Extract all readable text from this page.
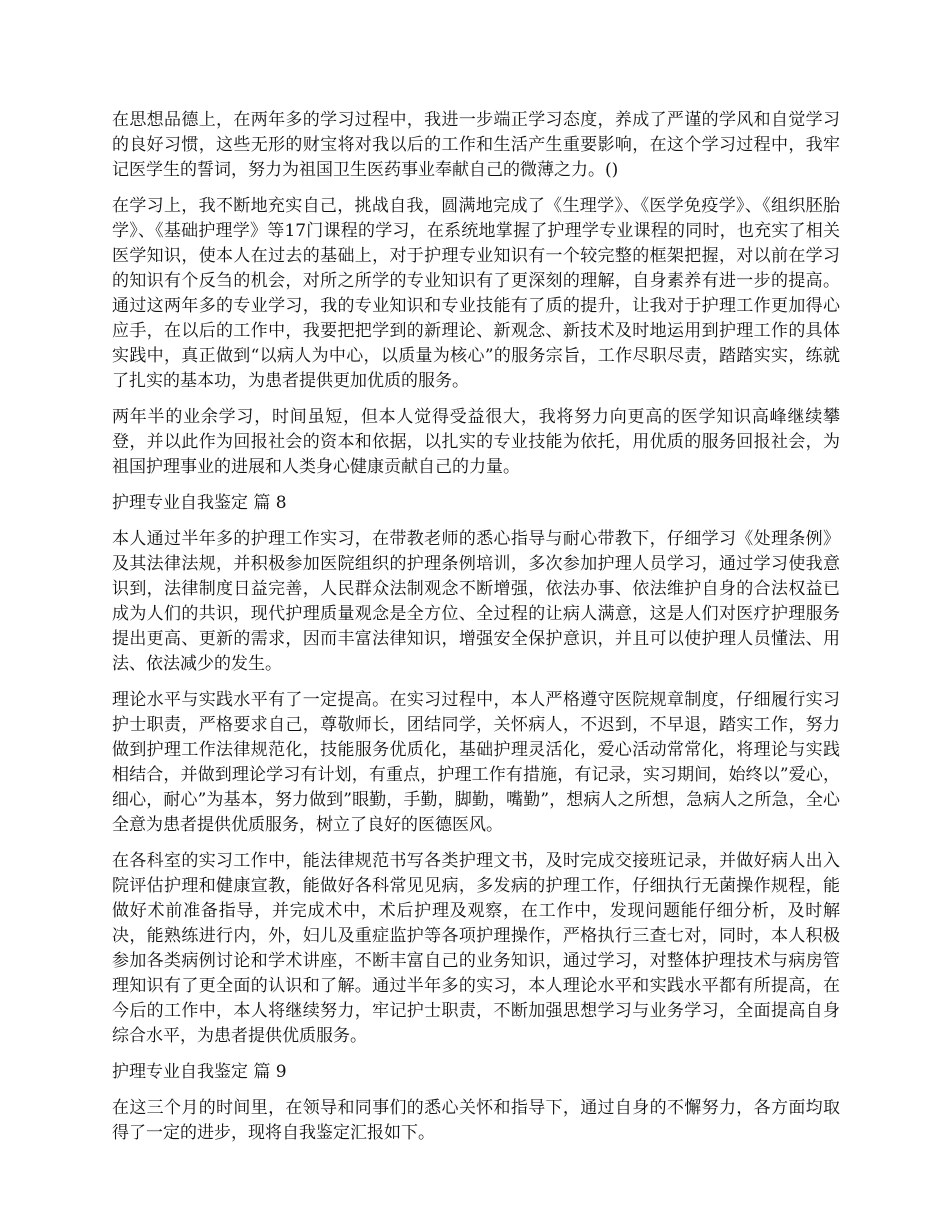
在思想品德上，在两年多的学习过程中，我进一步端正学习态度，养成了严谨的学风和自觉学习的良好习惯，这些无形的财宝将对我以后的工作和生活产生重要影响，在这个学习过程中，我牢记医学生的誓词，努力为祖国卫生医药事业奉献自己的微薄之力。()

在学习上，我不断地充实自己，挑战自我，圆满地完成了《生理学》、《医学免疫学》、《组织胚胎学》、《基础护理学》等17门课程的学习，在系统地掌握了护理学专业课程的同时，也充实了相关医学知识，使本人在过去的基础上，对于护理专业知识有一个较完整的框架把握，对以前在学习的知识有个反刍的机会，对所之所学的专业知识有了更深刻的理解，自身素养有进一步的提高。通过这两年多的专业学习，我的专业知识和专业技能有了质的提升，让我对于护理工作更加得心应手，在以后的工作中，我要把把学到的新理论、新观念、新技术及时地运用到护理工作的具体实践中，真正做到“以病人为中心，以质量为核心”的服务宗旨，工作尽职尽责，踏踏实实，练就了扎实的基本功，为患者提供更加优质的服务。

两年半的业余学习，时间虽短，但本人觉得受益很大，我将努力向更高的医学知识高峰继续攀登，并以此作为回报社会的资本和依据，以扎实的专业技能为依托，用优质的服务回报社会，为祖国护理事业的进展和人类身心健康贡献自己的力量。

护理专业自我鉴定 篇 8

本人通过半年多的护理工作实习，在带教老师的悉心指导与耐心带教下，仔细学习《处理条例》及其法律法规，并积极参加医院组织的护理条例培训，多次参加护理人员学习，通过学习使我意识到，法律制度日益完善，人民群众法制观念不断增强，依法办事、依法维护自身的合法权益已成为人们的共识，现代护理质量观念是全方位、全过程的让病人满意，这是人们对医疗护理服务提出更高、更新的需求，因而丰富法律知识，增强安全保护意识，并且可以使护理人员懂法、用法、依法减少的发生。

理论水平与实践水平有了一定提高。在实习过程中，本人严格遵守医院规章制度，仔细履行实习护士职责，严格要求自己，尊敬师长，团结同学，关怀病人，不迟到，不早退，踏实工作，努力做到护理工作法律规范化，技能服务优质化，基础护理灵活化，爱心活动常常化，将理论与实践相结合，并做到理论学习有计划，有重点，护理工作有措施，有记录，实习期间，始终以”爱心，细心，耐心”为基本，努力做到”眼勤，手勤，脚勤，嘴勤”，想病人之所想，急病人之所急，全心全意为患者提供优质服务，树立了良好的医德医风。

在各科室的实习工作中，能法律规范书写各类护理文书，及时完成交接班记录，并做好病人出入院评估护理和健康宣教，能做好各科常见见病，多发病的护理工作，仔细执行无菌操作规程，能做好术前准备指导，并完成术中，术后护理及观察，在工作中，发现问题能仔细分析，及时解决，能熟练进行内，外，妇儿及重症监护等各项护理操作，严格执行三查七对，同时，本人积极参加各类病例讨论和学术讲座，不断丰富自己的业务知识，通过学习，对整体护理技术与病房管理知识有了更全面的认识和了解。通过半年多的实习，本人理论水平和实践水平都有所提高，在今后的工作中，本人将继续努力，牢记护士职责，不断加强思想学习与业务学习，全面提高自身综合水平，为患者提供优质服务。

护理专业自我鉴定 篇 9

在这三个月的时间里，在领导和同事们的悉心关怀和指导下，通过自身的不懈努力，各方面均取得了一定的进步，现将自我鉴定汇报如下。
